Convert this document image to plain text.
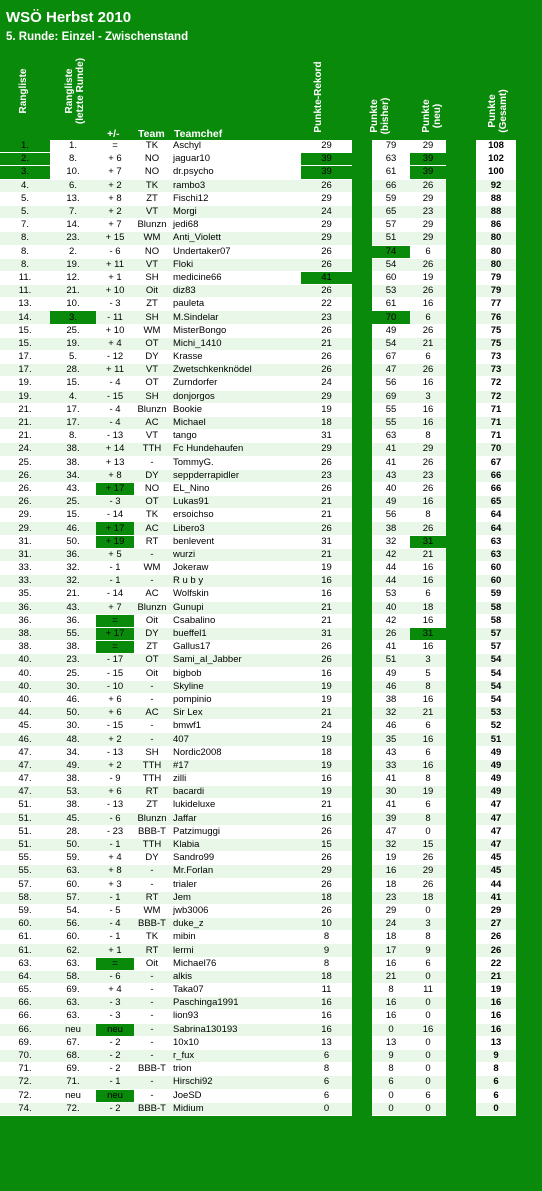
WSÖ Herbst 2010
5. Runde: Einzel - Zwischenstand
Rangliste	Rangliste (letzte Runde)
+/- Team Teamchef
Punkte-Rekord	Punkte (bisher)	Punkte (neu)	Punkte (Gesamt)
1.	1.	=	TK	Aschyl	29		79	29		108
2.	8.	+ 6	NO	jaguar10	39		63	39		102
3.	10.	+ 7	NO	dr.psycho	39		61	39		100
4.	6.	+ 2	TK	rambo3	26		66	26		92
5.	13.	+ 8	ZT	Fischi12	29		59	29		88
5.	7.	+ 2	VT	Morgi	24		65	23		88
7.	14.	+ 7	Blunzn	jedi68	29		57	29		86
8.	23.	+ 15	WM	Anti_Violett	29		51	29		80
8.	2.	- 6	NO	Undertaker07	26		74	6		80
8.	19.	+ 11	VT	Floki	26		54	26		80
11.	12.	+ 1	SH	medicine66	41		60	19		79
11.	21.	+ 10	Oit	diz83	26		53	26		79
13.	10.	- 3	ZT	pauleta	22		61	16		77
14.	3.	- 11	SH	M.Sindelar	23		70	6		76
15.	25.	+ 10	WM	MisterBongo	26		49	26		75
15.	19.	+ 4	OT	Michi_1410	21		54	21		75
17.	5.	- 12	DY	Krasse	26		67	6		73
17.	28.	+ 11	VT	Zwetschkenknödel	26		47	26		73
19.	15.	- 4	OT	Zurndorfer	24		56	16		72
19.	4.	- 15	SH	donjorgos	29		69	3		72
21.	17.	- 4	Blunzn	Bookie	19		55	16		71
21.	17.	- 4	AC	Michael	18		55	16		71
21.	8.	- 13	VT	tango	31		63	8		71
24.	38.	+ 14	TTH	Fc Hundehaufen	29		41	29		70
25.	38.	+ 13	-	TommyG.	26		41	26		67
26.	34.	+ 8	DY	seppderrapidler	23		43	23		66
26.	43.	+ 17	NO	EL_Nino	26		40	26		66
26.	25.	- 3	OT	Lukas91	21		49	16		65
29.	15.	- 14	TK	ersoichso	21		56	8		64
29.	46.	+ 17	AC	Libero3	26		38	26		64
31.	50.	+ 19	RT	benlevent	31		32	31		63
31.	36.	+ 5	-	wurzi	21		42	21		63
33.	32.	- 1	WM	Jokeraw	19		44	16		60
33.	32.	- 1	-	R u b y	16		44	16		60
35.	21.	- 14	AC	Wolfskin	16		53	6		59
36.	43.	+ 7	Blunzn	Gunupi	21		40	18		58
36.	36.	=	Oit	Csabalino	21		42	16		58
38.	55.	+ 17	DY	bueffel1	31		26	31		57
38.	38.	=	ZT	Gallus17	26		41	16		57
40.	23.	- 17	OT	Sami_al_Jabber	26		51	3		54
40.	25.	- 15	Oit	bigbob	16		49	5		54
40.	30.	- 10	-	Skyline	19		46	8		54
40.	46.	+ 6	-	pompinio	19		38	16		54
44.	50.	+ 6	AC	Sir Lex	21		32	21		53
45.	30.	- 15	-	bmwf1	24		46	6		52
46.	48.	+ 2	-	407	19		35	16		51
47.	34.	- 13	SH	Nordic2008	18		43	6		49
47.	49.	+ 2	TTH	#17	19		33	16		49
47.	38.	- 9	TTH	zilli	16		41	8		49
47.	53.	+ 6	RT	bacardi	19		30	19		49
51.	38.	- 13	ZT	lukideluxe	21		41	6		47
51.	45.	- 6	Blunzn	Jaffar	16		39	8		47
51.	28.	- 23	BBB-T	Patzimuggi	26		47	0		47
51.	50.	- 1	TTH	Klabia	15		32	15		47
55.	59.	+ 4	DY	Sandro99	26		19	26		45
55.	63.	+ 8	-	Mr.Forlan	29		16	29		45
57.	60.	+ 3	-	trialer	26		18	26		44
58.	57.	- 1	RT	Jem	18		23	18		41
59.	54.	- 5	WM	jwb3006	26		29	0		29
60.	56.	- 4	BBB-T	duke_z	10		24	3		27
61.	60.	- 1	TK	mibin	8		18	8		26
61.	62.	+ 1	RT	lermi	9		17	9		26
63.	63.	=	Oit	Michael76	8		16	6		22
64.	58.	- 6	-	alkis	18		21	0		21
65.	69.	+ 4	-	Taka07	11		8	11		19
66.	63.	- 3	-	Paschinga1991	16		16	0		16
66.	63.	- 3	-	lion93	16		16	0		16
66.	neu	neu	-	Sabrina130193	16		0	16		16
69.	67.	- 2	-	10x10	13		13	0		13
70.	68.	- 2	-	r_fux	6		9	0		9
71.	69.	- 2	BBB-T	trion	8		8	0		8
72.	71.	- 1	-	Hirschi92	6		6	0		6
72.	neu	neu	-	JoeSD	6		0	6		6
74.	72.	- 2	BBB-T	Midium	0		0	0		0
